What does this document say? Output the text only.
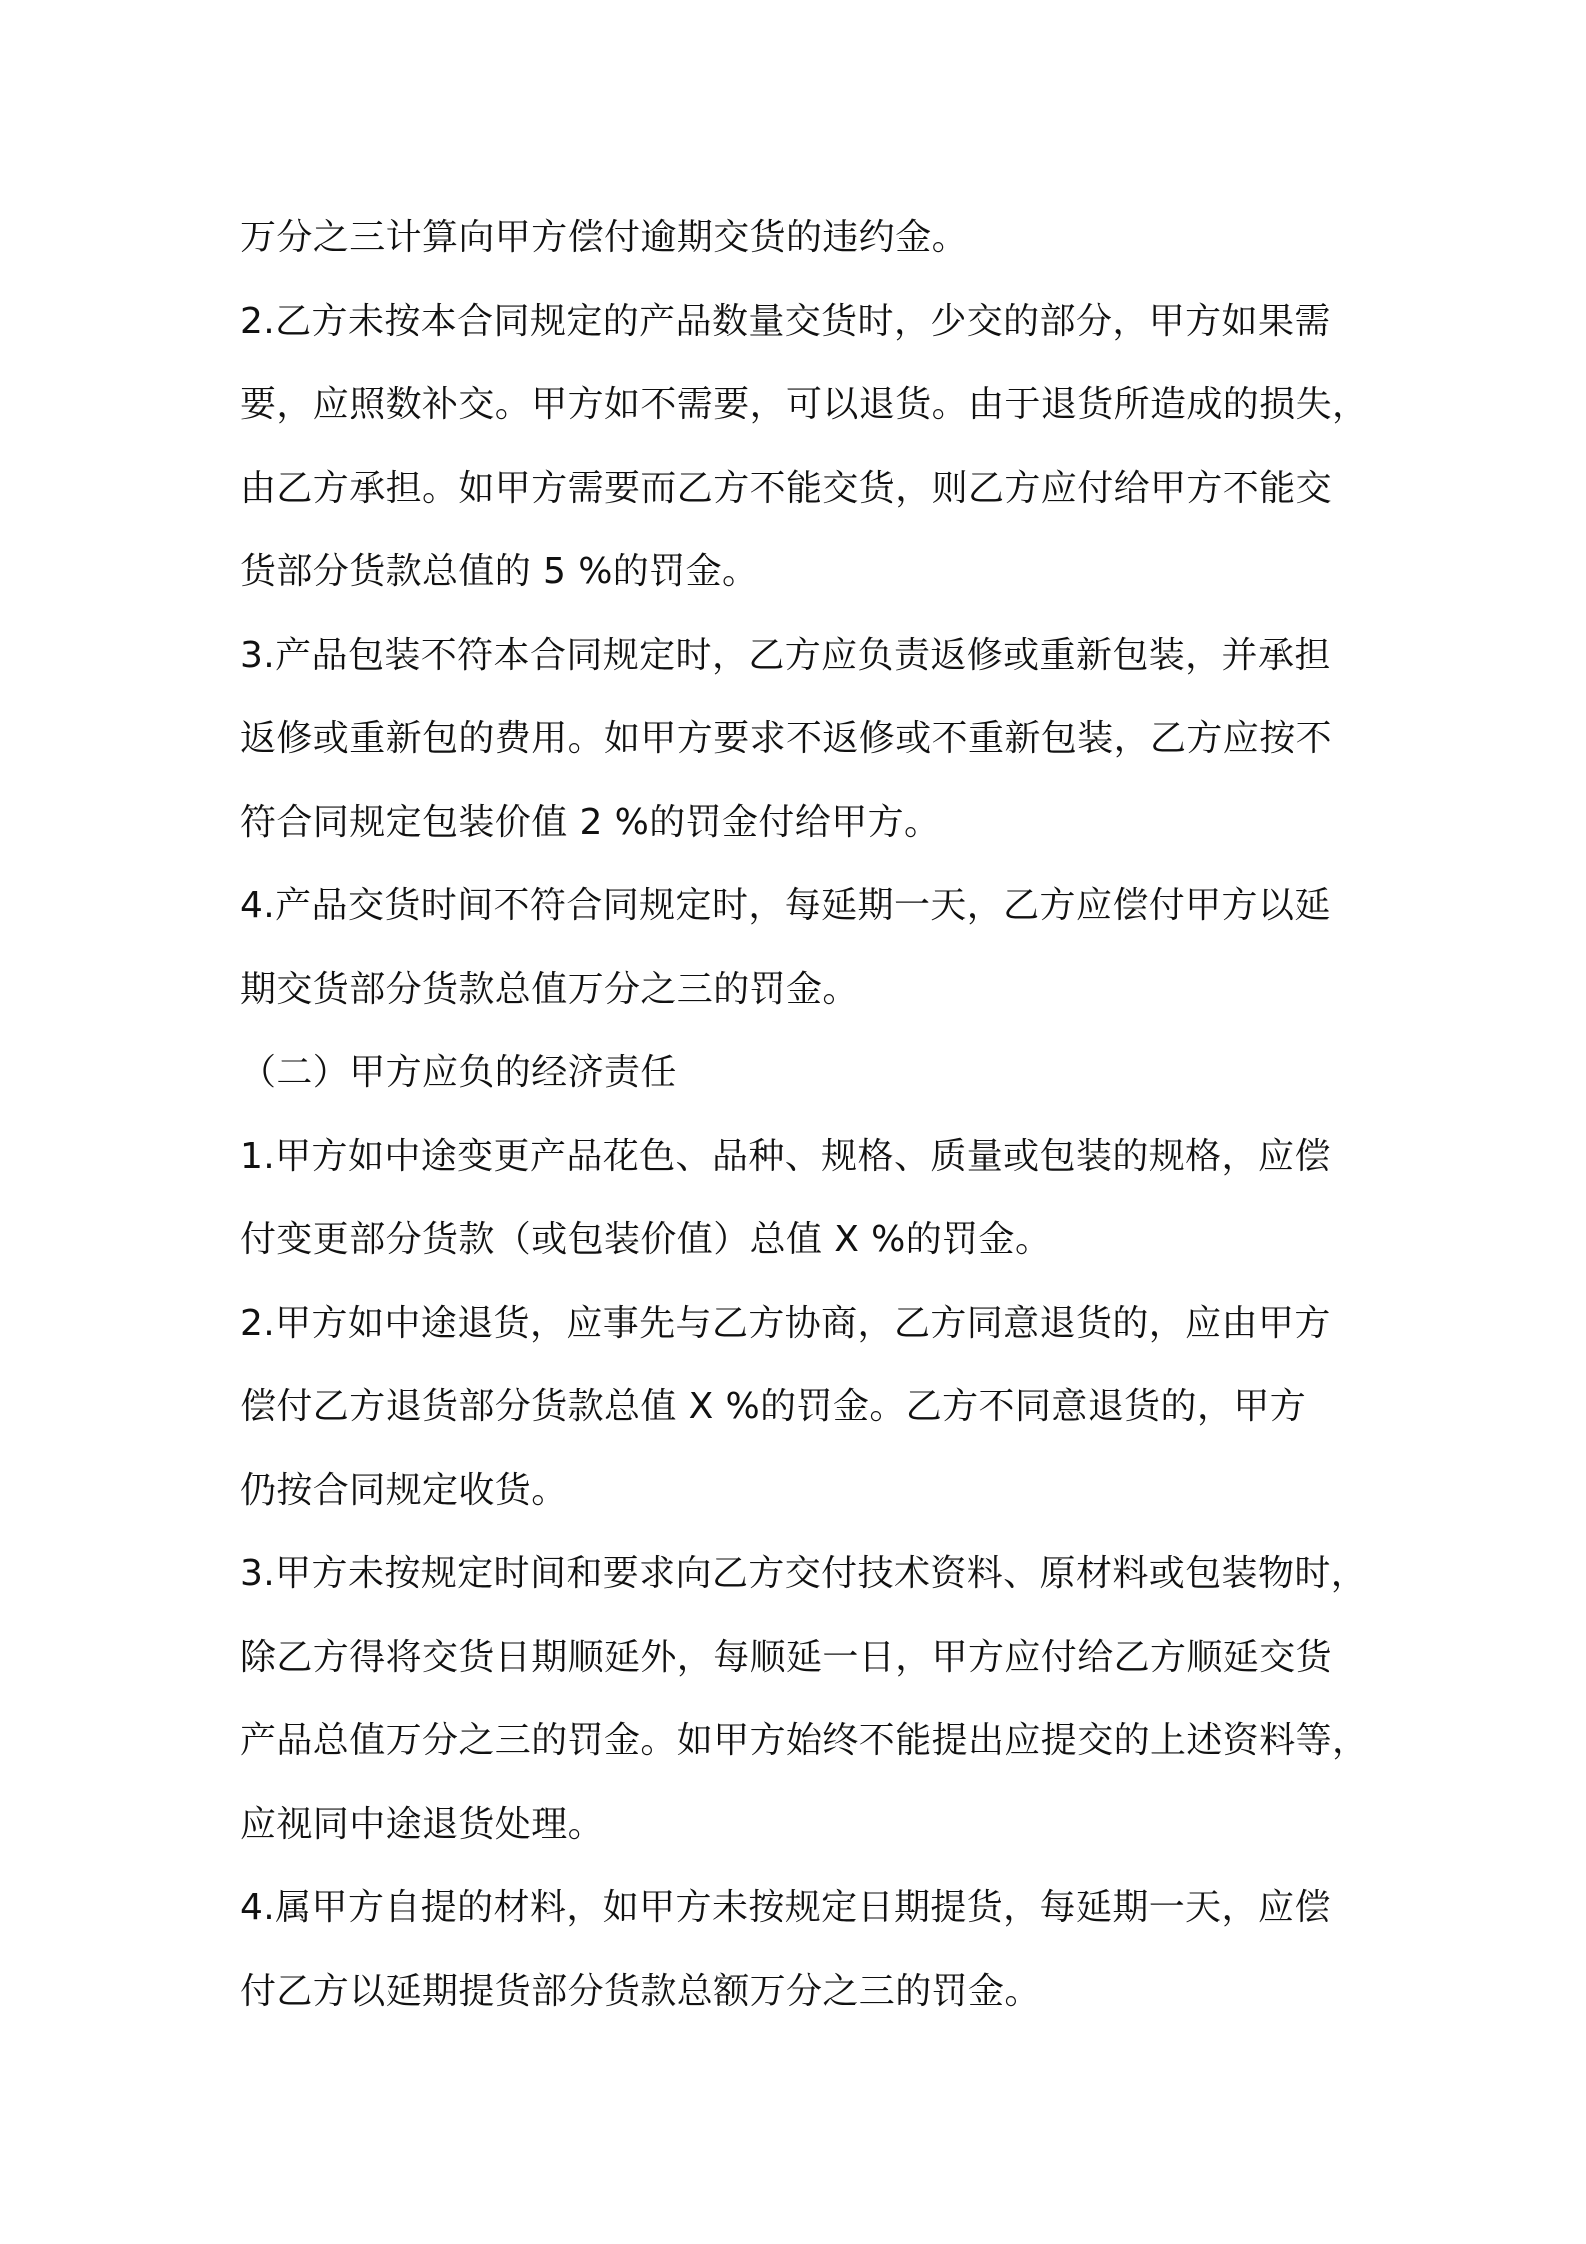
万分之三计算向甲方偿付逾期交货的违约金。
2.乙方未按本合同规定的产品数量交货时，少交的部分，甲方如果需
要，应照数补交。甲方如不需要，可以退货。由于退货所造成的损失，
由乙方承担。如甲方需要而乙方不能交货，则乙方应付给甲方不能交
货部分货款总值的 5 %的罚金。
3.产品包装不符本合同规定时，乙方应负责返修或重新包装，并承担
返修或重新包的费用。如甲方要求不返修或不重新包装，乙方应按不
符合同规定包装价值 2 %的罚金付给甲方。
4.产品交货时间不符合同规定时，每延期一天，乙方应偿付甲方以延
期交货部分货款总值万分之三的罚金。
（二）甲方应负的经济责任
1.甲方如中途变更产品花色、品种、规格、质量或包装的规格，应偿
付变更部分货款（或包装价值）总值 X %的罚金。
2.甲方如中途退货，应事先与乙方协商，乙方同意退货的，应由甲方
偿付乙方退货部分货款总值 X %的罚金。乙方不同意退货的，甲方
仍按合同规定收货。
3.甲方未按规定时间和要求向乙方交付技术资料、原材料或包装物时，
除乙方得将交货日期顺延外，每顺延一日，甲方应付给乙方顺延交货
产品总值万分之三的罚金。如甲方始终不能提出应提交的上述资料等，
应视同中途退货处理。
4.属甲方自提的材料，如甲方未按规定日期提货，每延期一天，应偿
付乙方以延期提货部分货款总额万分之三的罚金。
